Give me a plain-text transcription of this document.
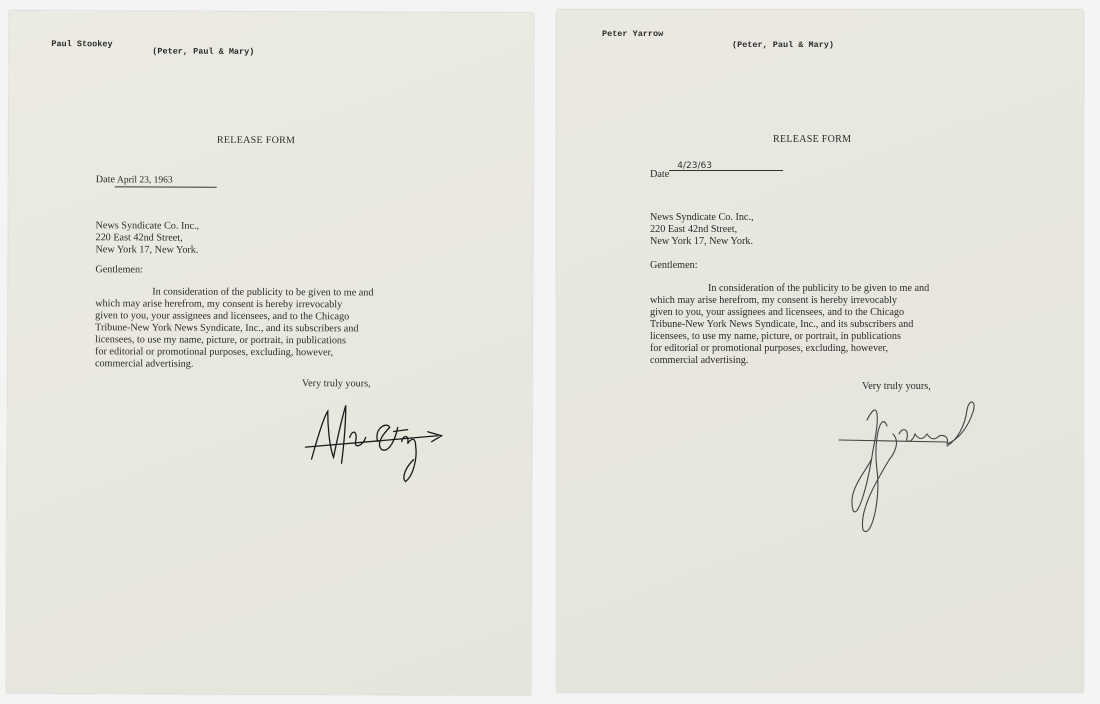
Paul Stookey
(Peter, Paul & Mary)
RELEASE FORM
Date April 23, 1963
News Syndicate Co. Inc.,
220 East 42nd Street,
New York 17, New York.
Gentlemen:
In consideration of the publicity to be given to me and
which may arise herefrom, my consent is hereby irrevocably
given to you, your assignees and licensees, and to the Chicago
Tribune-New York News Syndicate, Inc., and its subscribers and
licensees, to use my name, picture, or portrait, in publications
for editorial or promotional purposes, excluding, however,
commercial advertising.
Very truly yours,
Peter Yarrow
(Peter, Paul & Mary)
RELEASE FORM
Date4/23/63
News Syndicate Co. Inc.,
220 East 42nd Street,
New York 17, New York.
Gentlemen:
In consideration of the publicity to be given to me and
which may arise herefrom, my consent is hereby irrevocably
given to you, your assignees and licensees, and to the Chicago
Tribune-New York News Syndicate, Inc., and its subscribers and
licensees, to use my name, picture, or portrait, in publications
for editorial or promotional purposes, excluding, however,
commercial advertising.
Very truly yours,
